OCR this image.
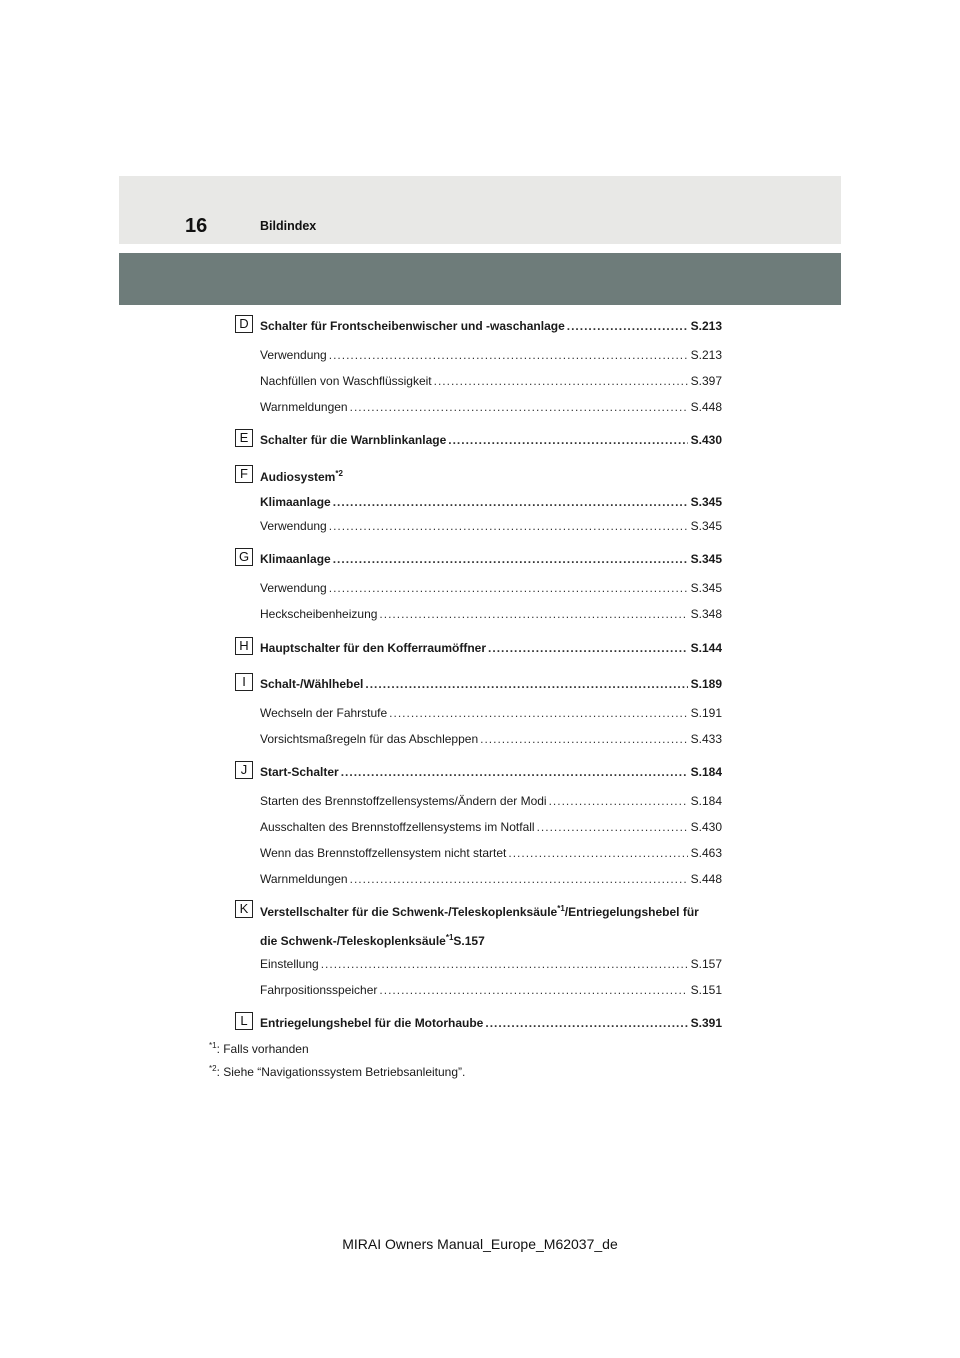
16	Bildindex
D Schalter für Frontscheibenwischer und -waschanlage .....	S.213
Verwendung .....	S.213
Nachfüllen von Waschflüssigkeit .....	S.397
Warnmeldungen .....	S.448
E Schalter für die Warnblinkanlage .....	S.430
F	Audiosystem$^{*2}$
Klimaanlage .....	S.345
Verwendung .....	S.345
G Klimaanlage .....	S.345
Verwendung .....	S.345
Heckscheibenheizung .....	S.348
H Hauptschalter für den Kofferraumöffner .....	S.144
I	Schalt-/Wählhebel .....	S.189
Wechseln der Fahrstufe .....	S.191
Vorsichtsmaßregeln für das Abschleppen .....	S.433
J	Start-Schalter .....	S.184
Starten des Brennstoffzellensystems/Ändern der Modi .....	S.184
Ausschalten des Brennstoffzellensystems im Notfall .....	S.430
Wenn das Brennstoffzellensystem nicht startet .....	S.463
Warnmeldungen .....	S.448
K Verstellschalter für die Schwenk-/Teleskoplenksäule$^{*1}$/Entriegelungshebel für
die Schwenk-/Teleskoplenksäule$^{*1}$S.157
Einstellung .....	S.157
Fahrpositionsspeicher .....	S.151
L	Entriegelungshebel für die Motorhaube .....	S.391
$^{*1}$: Falls vorhanden
$^{*2}$: Siehe “Navigationssystem Betriebsanleitung”.
MIRAI Owners Manual_Europe_M62037_de
